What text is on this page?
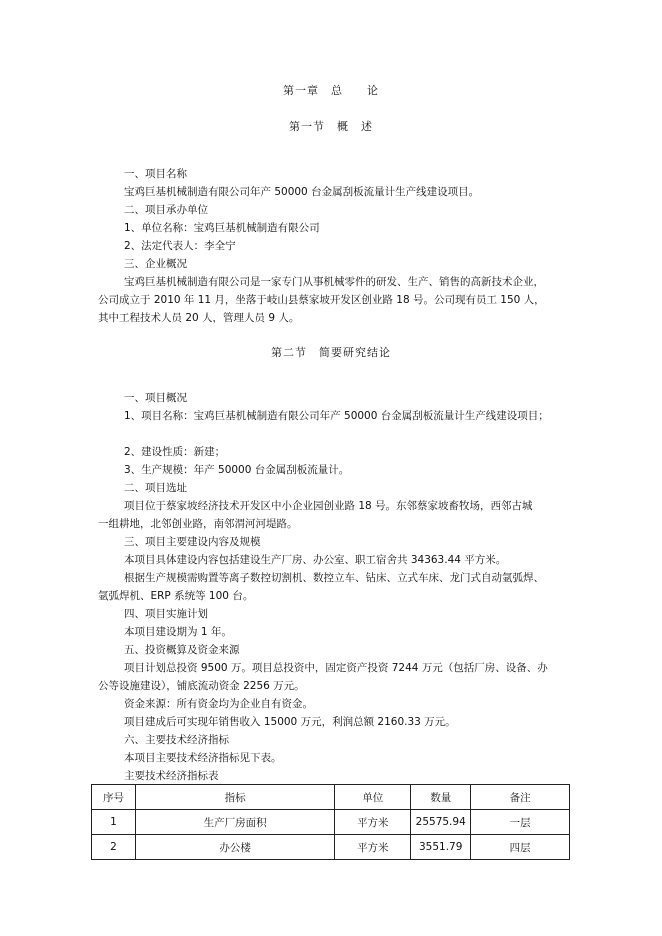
第一章　总　　论
第一节　概　述
一、项目名称
宝鸡巨基机械制造有限公司年产 50000 台金属刮板流量计生产线建设项目。
二、项目承办单位
1、单位名称：宝鸡巨基机械制造有限公司
2、法定代表人：李全宁
三、企业概况
宝鸡巨基机械制造有限公司是一家专门从事机械零件的研发、生产、销售的高新技术企业，
公司成立于 2010 年 11 月，坐落于岐山县蔡家坡开发区创业路 18 号。公司现有员工 150 人，
其中工程技术人员 20 人，管理人员 9 人。
第二节　简要研究结论
一、项目概况
1、项目名称：宝鸡巨基机械制造有限公司年产 50000 台金属刮板流量计生产线建设项目；
2、建设性质：新建；
3、生产规模：年产 50000 台金属刮板流量计。
二、项目选址
项目位于蔡家坡经济技术开发区中小企业园创业路 18 号。东邻蔡家坡畜牧场，西邻古城
一组耕地，北邻创业路，南邻渭河河堤路。
三、项目主要建设内容及规模
本项目具体建设内容包括建设生产厂房、办公室、职工宿舍共 34363.44 平方米。
根据生产规模需购置等离子数控切割机、数控立车、钻床、立式车床、龙门式自动氩弧焊、
氩弧焊机、ERP 系统等 100 台。
四、项目实施计划
本项目建设期为 1 年。
五、投资概算及资金来源
项目计划总投资 9500 万。项目总投资中，固定资产投资 7244 万元（包括厂房、设备、办
公等设施建设），铺底流动资金 2256 万元。
资金来源：所有资金均为企业自有资金。
项目建成后可实现年销售收入 15000 万元，利润总额 2160.33 万元。
六、主要技术经济指标
本项目主要技术经济指标见下表。
主要技术经济指标表
序号	指标	单位	数量	备注
1	生产厂房面积	平方米	25575.94	一层
2	办公楼	平方米	3551.79	四层
